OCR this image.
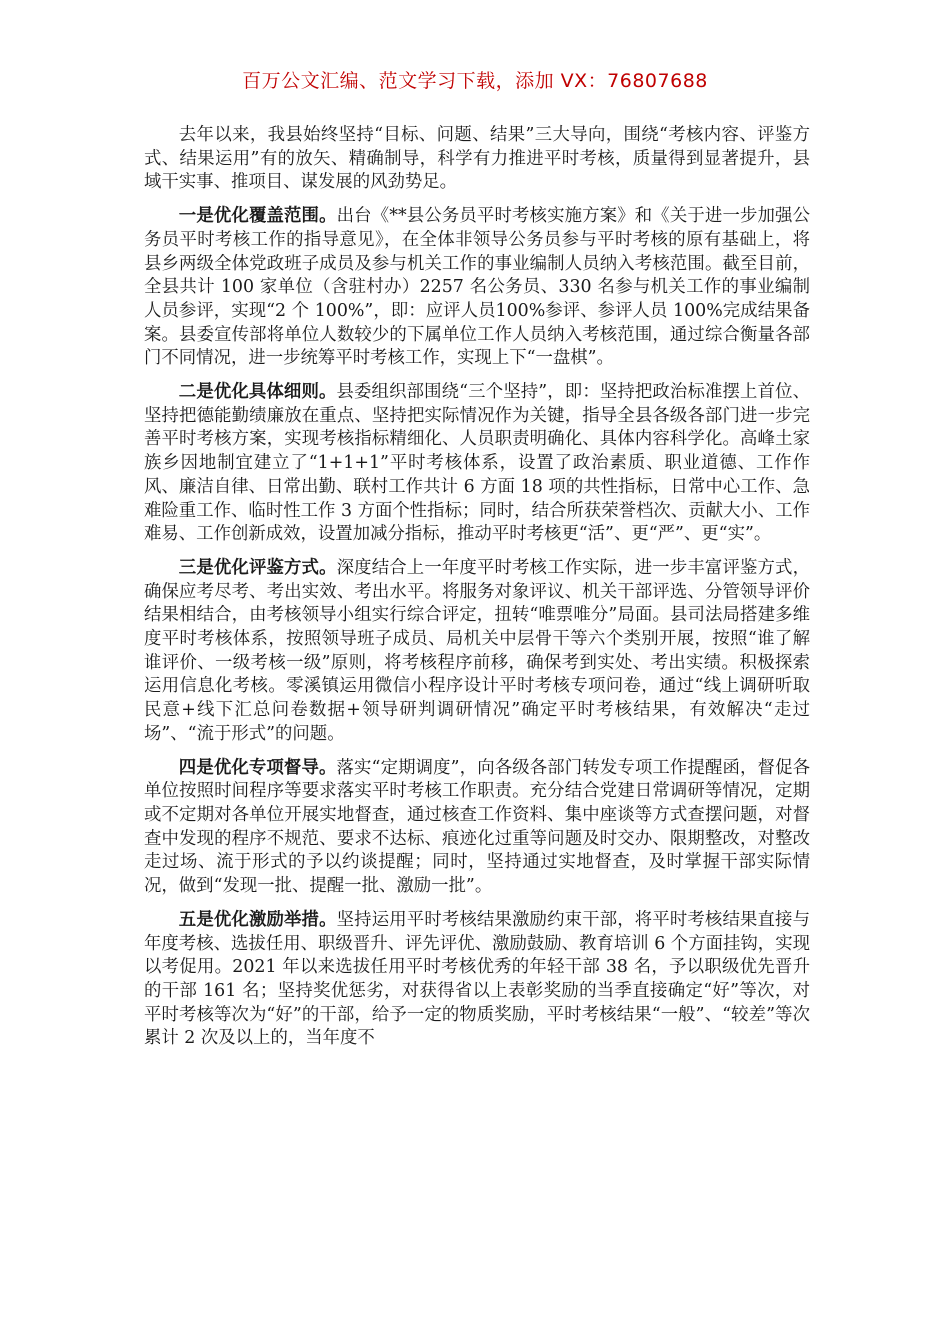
百万公文汇编、范文学习下载，添加 VX：76807688

去年以来，我县始终坚持“目标、问题、结果”三大导向，围绕“考核内容、评鉴方式、结果运用”有的放矢、精确制导，科学有力推进平时考核，质量得到显著提升，县域干实事、推项目、谋发展的风劲势足。

一是优化覆盖范围。出台《**县公务员平时考核实施方案》和《关于进一步加强公务员平时考核工作的指导意见》，在全体非领导公务员参与平时考核的原有基础上，将县乡两级全体党政班子成员及参与机关工作的事业编制人员纳入考核范围。截至目前，全县共计 100 家单位（含驻村办）2257 名公务员、330 名参与机关工作的事业编制人员参评，实现“2 个 100%”，即：应评人员100%参评、参评人员 100%完成结果备案。县委宣传部将单位人数较少的下属单位工作人员纳入考核范围，通过综合衡量各部门不同情况，进一步统筹平时考核工作，实现上下“一盘棋”。

二是优化具体细则。县委组织部围绕“三个坚持”，即：坚持把政治标准摆上首位、坚持把德能勤绩廉放在重点、坚持把实际情况作为关键，指导全县各级各部门进一步完善平时考核方案，实现考核指标精细化、人员职责明确化、具体内容科学化。高峰土家族乡因地制宜建立了“1+1+1”平时考核体系，设置了政治素质、职业道德、工作作风、廉洁自律、日常出勤、联村工作共计 6 方面 18 项的共性指标，日常中心工作、急难险重工作、临时性工作 3 方面个性指标；同时，结合所获荣誉档次、贡献大小、工作难易、工作创新成效，设置加减分指标，推动平时考核更“活”、更“严”、更“实”。

三是优化评鉴方式。深度结合上一年度平时考核工作实际，进一步丰富评鉴方式，确保应考尽考、考出实效、考出水平。将服务对象评议、机关干部评选、分管领导评价结果相结合，由考核领导小组实行综合评定，扭转“唯票唯分”局面。县司法局搭建多维度平时考核体系，按照领导班子成员、局机关中层骨干等六个类别开展，按照“谁了解谁评价、一级考核一级”原则，将考核程序前移，确保考到实处、考出实绩。积极探索运用信息化考核。零溪镇运用微信小程序设计平时考核专项问卷，通过“线上调研听取民意+线下汇总问卷数据+领导研判调研情况”确定平时考核结果，有效解决“走过场”、“流于形式”的问题。

四是优化专项督导。落实“定期调度”，向各级各部门转发专项工作提醒函，督促各单位按照时间程序等要求落实平时考核工作职责。充分结合党建日常调研等情况，定期或不定期对各单位开展实地督查，通过核查工作资料、集中座谈等方式查摆问题，对督查中发现的程序不规范、要求不达标、痕迹化过重等问题及时交办、限期整改，对整改走过场、流于形式的予以约谈提醒；同时，坚持通过实地督查，及时掌握干部实际情况，做到“发现一批、提醒一批、激励一批”。

五是优化激励举措。坚持运用平时考核结果激励约束干部，将平时考核结果直接与年度考核、选拔任用、职级晋升、评先评优、激励鼓励、教育培训 6 个方面挂钩，实现以考促用。2021 年以来选拔任用平时考核优秀的年轻干部 38 名，予以职级优先晋升的干部 161 名；坚持奖优惩劣，对获得省以上表彰奖励的当季直接确定“好”等次，对平时考核等次为“好”的干部，给予一定的物质奖励，平时考核结果“一般”、“较差”等次累计 2 次及以上的，当年度不
